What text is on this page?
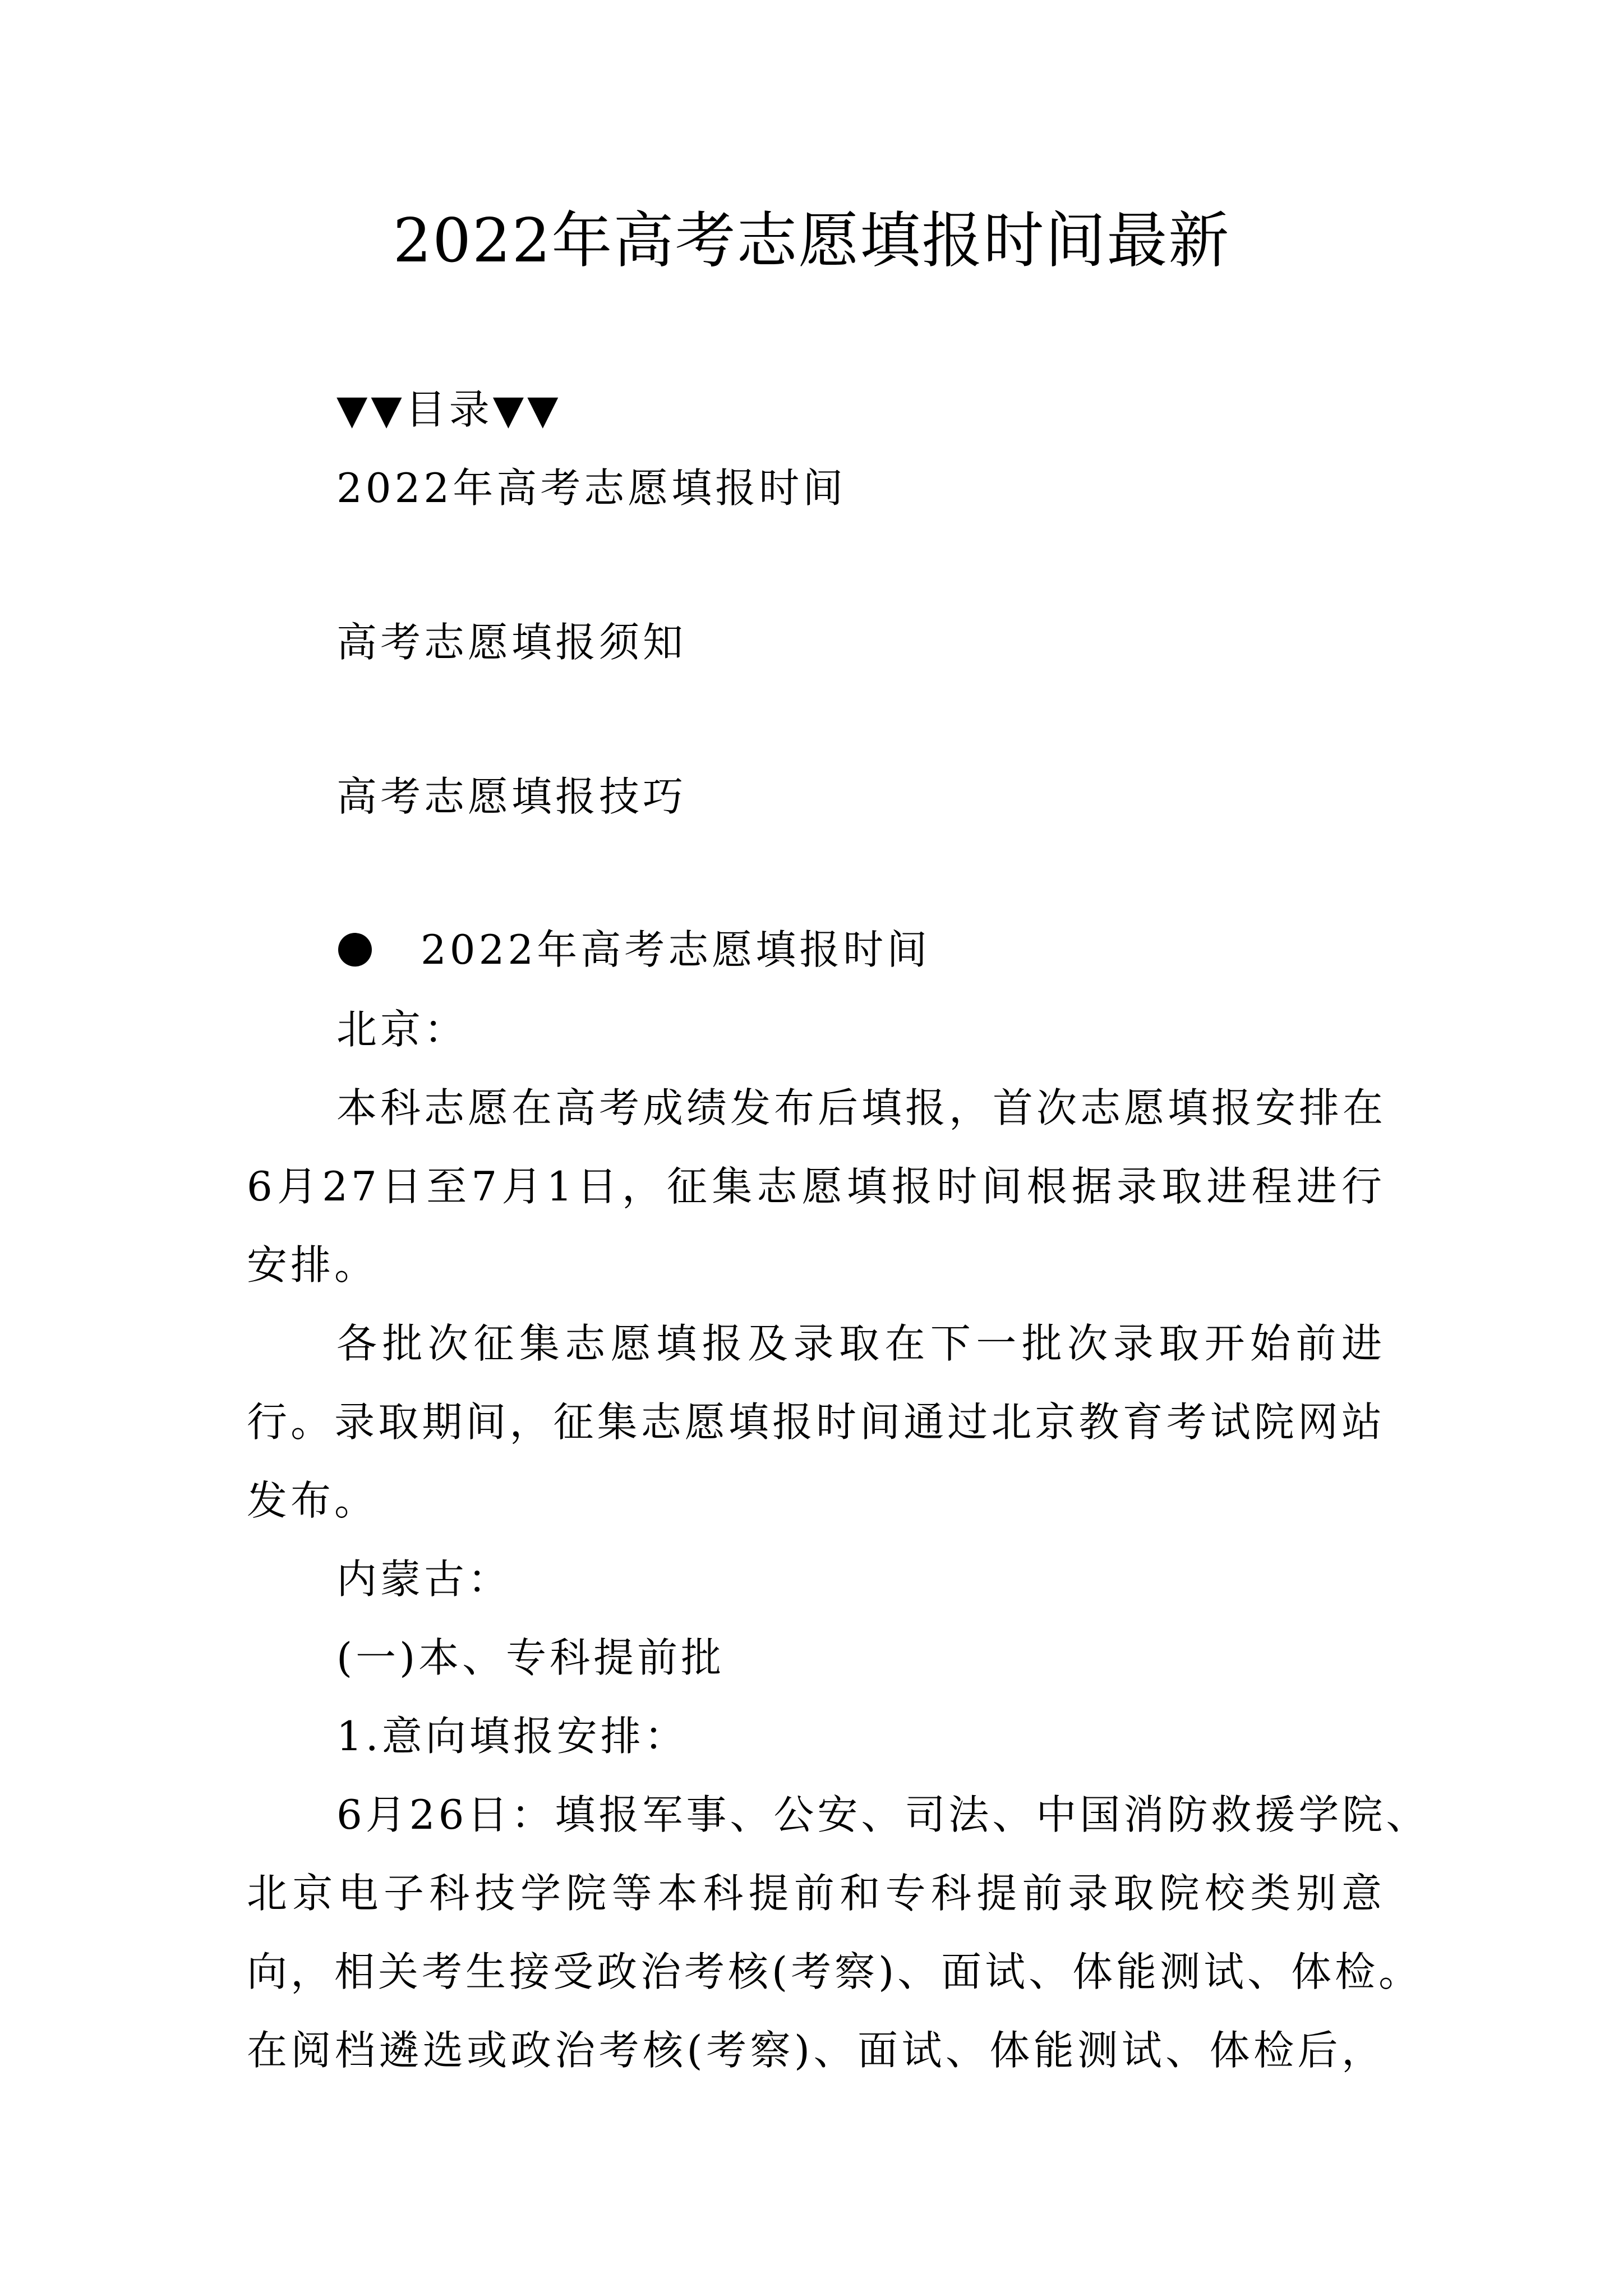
2022年高考志愿填报时间最新
▼▼目录▼▼
2022年高考志愿填报时间
高考志愿填报须知
高考志愿填报技巧
2022年高考志愿填报时间
北京：
本科志愿在高考成绩发布后填报，首次志愿填报安排在
6月27日至7月1日，征集志愿填报时间根据录取进程进行
安排。
各批次征集志愿填报及录取在下一批次录取开始前进
行。录取期间，征集志愿填报时间通过北京教育考试院网站
发布。
内蒙古：
(一)本、专科提前批
1.意向填报安排：
6月26日：填报军事、公安、司法、中国消防救援学院、
北京电子科技学院等本科提前和专科提前录取院校类别意
向，相关考生接受政治考核(考察)、面试、体能测试、体检。
在阅档遴选或政治考核(考察)、面试、体能测试、体检后，
